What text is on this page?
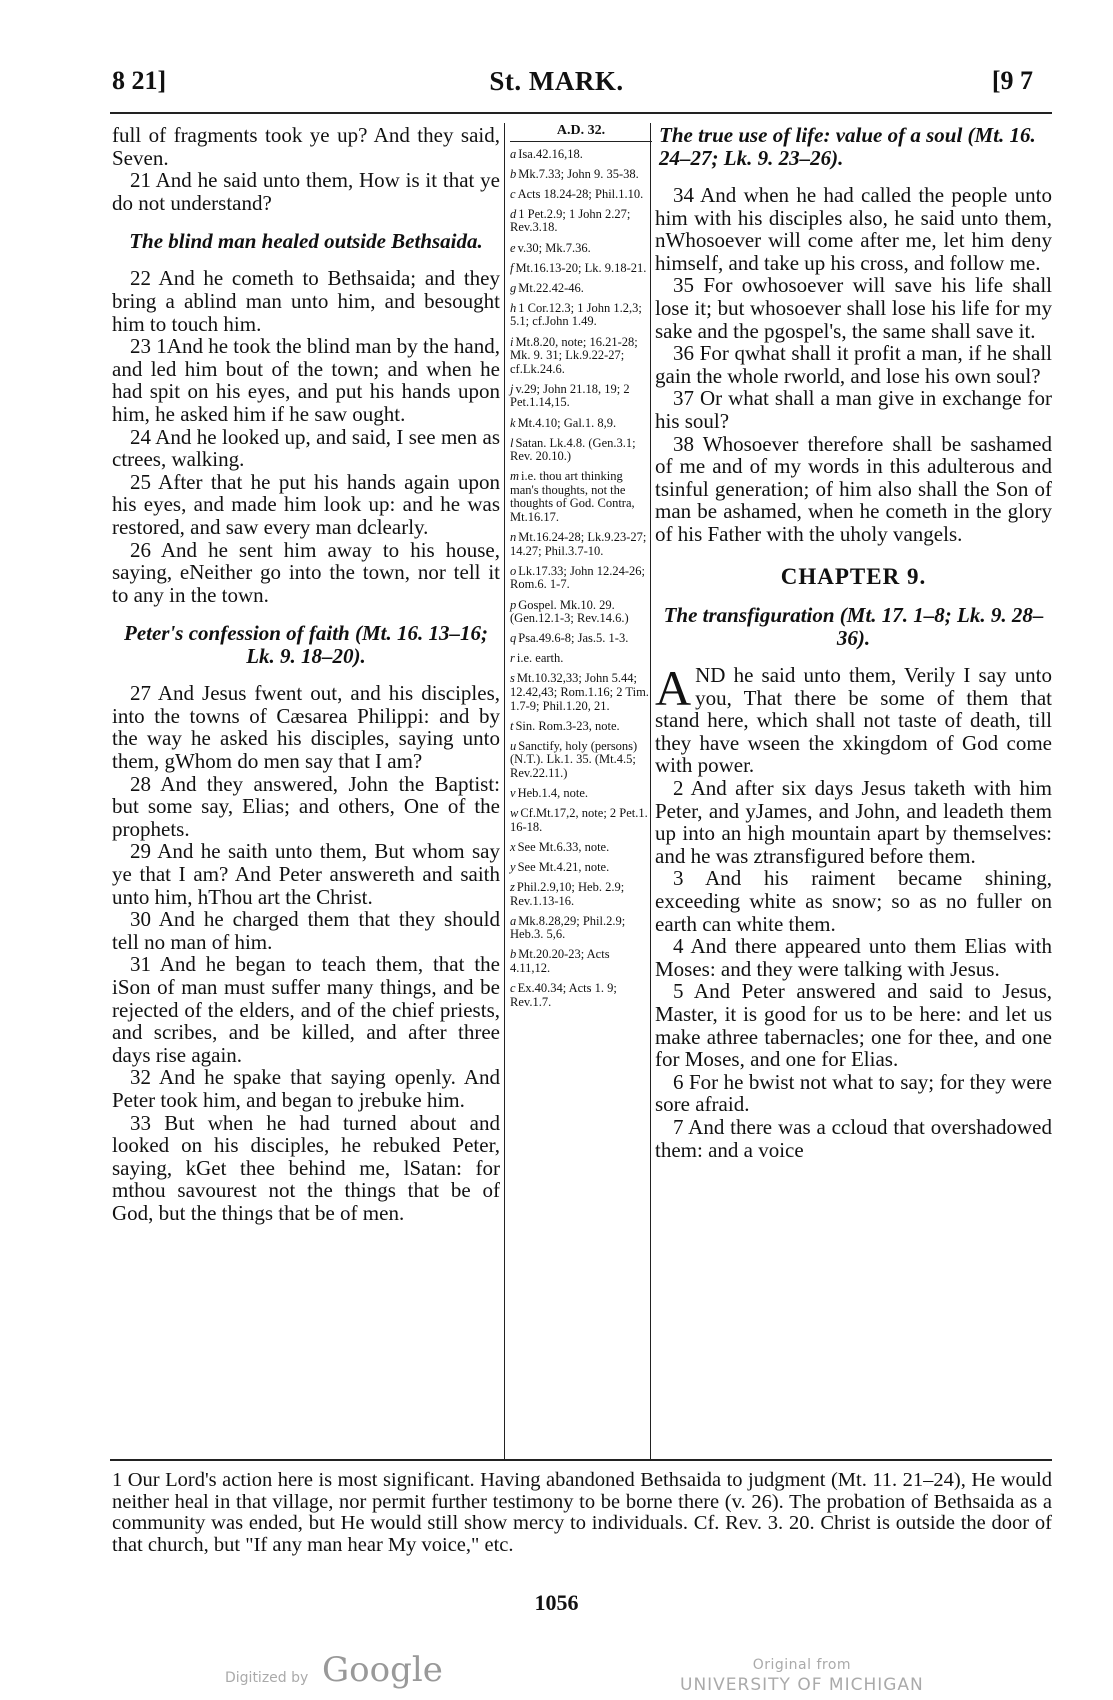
8 21]	St. MARK.	[9 7

full of fragments took ye up? And they said, Seven.

21 And he said unto them, How is it that ye do not understand?

The blind man healed outside Bethsaida.

22 And he cometh to Bethsaida; and they bring a ablind man unto him, and besought him to touch him.

23 1And he took the blind man by the hand, and led him bout of the town; and when he had spit on his eyes, and put his hands upon him, he asked him if he saw ought.

24 And he looked up, and said, I see men as ctrees, walking.

25 After that he put his hands again upon his eyes, and made him look up: and he was restored, and saw every man dclearly.

26 And he sent him away to his house, saying, eNeither go into the town, nor tell it to any in the town.

Peter's confession of faith (Mt. 16. 13–16; Lk. 9. 18–20).

27 And Jesus fwent out, and his disciples, into the towns of Cæsarea Philippi: and by the way he asked his disciples, saying unto them, gWhom do men say that I am?

28 And they answered, John the Baptist: but some say, Elias; and others, One of the prophets.

29 And he saith unto them, But whom say ye that I am? And Peter answereth and saith unto him, hThou art the Christ.

30 And he charged them that they should tell no man of him.

31 And he began to teach them, that the iSon of man must suffer many things, and be rejected of the elders, and of the chief priests, and scribes, and be killed, and after three days rise again.

32 And he spake that saying openly. And Peter took him, and began to jrebuke him.

33 But when he had turned about and looked on his disciples, he rebuked Peter, saying, kGet thee behind me, lSatan: for mthou savourest not the things that be of God, but the things that be of men.

A.D. 32.
a Isa.42.16,18.
b Mk.7.33; John 9. 35-38.
c Acts 18.24-28; Phil.1.10.
d 1 Pet.2.9; 1 John 2.27; Rev.3.18.
e v.30; Mk.7.36.
f Mt.16.13-20; Lk. 9.18-21.
g Mt.22.42-46.
h 1 Cor.12.3; 1 John 1.2,3; 5.1; cf.John 1.49.
i Mt.8.20, note; 16.21-28; Mk. 9. 31; Lk.9.22-27; cf.Lk.24.6.
j v.29; John 21.18, 19; 2 Pet.1.14,15.
k Mt.4.10; Gal.1. 8,9.
l Satan. Lk.4.8. (Gen.3.1; Rev. 20.10.)
m i.e. thou art thinking man's thoughts, not the thoughts of God. Contra, Mt.16.17.
n Mt.16.24-28; Lk.9.23-27; 14.27; Phil.3.7-10.
o Lk.17.33; John 12.24-26; Rom.6. 1-7.
p Gospel. Mk.10. 29. (Gen.12.1-3; Rev.14.6.)
q Psa.49.6-8; Jas.5. 1-3.
r i.e. earth.
s Mt.10.32,33; John 5.44; 12.42,43; Rom.1.16; 2 Tim. 1.7-9; Phil.1.20, 21.
t Sin. Rom.3-23, note.
u Sanctify, holy (persons) (N.T.). Lk.1. 35. (Mt.4.5; Rev.22.11.)
v Heb.1.4, note.
w Cf.Mt.17,2, note; 2 Pet.1. 16-18.
x See Mt.6.33, note.
y See Mt.4.21, note.
z Phil.2.9,10; Heb. 2.9; Rev.1.13-16.
a Mk.8.28,29; Phil.2.9; Heb.3. 5,6.
b Mt.20.20-23; Acts 4.11,12.
c Ex.40.34; Acts 1. 9; Rev.1.7.

The true use of life: value of a soul (Mt. 16. 24–27; Lk. 9. 23–26).

34 And when he had called the people unto him with his disciples also, he said unto them, nWhosoever will come after me, let him deny himself, and take up his cross, and follow me.

35 For owhosoever will save his life shall lose it; but whosoever shall lose his life for my sake and the pgospel's, the same shall save it.

36 For qwhat shall it profit a man, if he shall gain the whole rworld, and lose his own soul?

37 Or what shall a man give in exchange for his soul?

38 Whosoever therefore shall be sashamed of me and of my words in this adulterous and tsinful generation; of him also shall the Son of man be ashamed, when he cometh in the glory of his Father with the uholy vangels.

CHAPTER 9.

The transfiguration (Mt. 17. 1–8; Lk. 9. 28–36).

AND he said unto them, Verily I say unto you, That there be some of them that stand here, which shall not taste of death, till they have wseen the xkingdom of God come with power.

2 And after six days Jesus taketh with him Peter, and yJames, and John, and leadeth them up into an high mountain apart by themselves: and he was ztransfigured before them.

3 And his raiment became shining, exceeding white as snow; so as no fuller on earth can white them.

4 And there appeared unto them Elias with Moses: and they were talking with Jesus.

5 And Peter answered and said to Jesus, Master, it is good for us to be here: and let us make athree tabernacles; one for thee, and one for Moses, and one for Elias.

6 For he bwist not what to say; for they were sore afraid.

7 And there was a ccloud that overshadowed them: and a voice

1 Our Lord's action here is most significant. Having abandoned Bethsaida to judgment (Mt. 11. 21–24), He would neither heal in that village, nor permit further testimony to be borne there (v. 26). The probation of Bethsaida as a community was ended, but He would still show mercy to individuals. Cf. Rev. 3. 20. Christ is outside the door of that church, but "If any man hear My voice," etc.
1056
Digitized by Google	Original from
UNIVERSITY OF MICHIGAN
